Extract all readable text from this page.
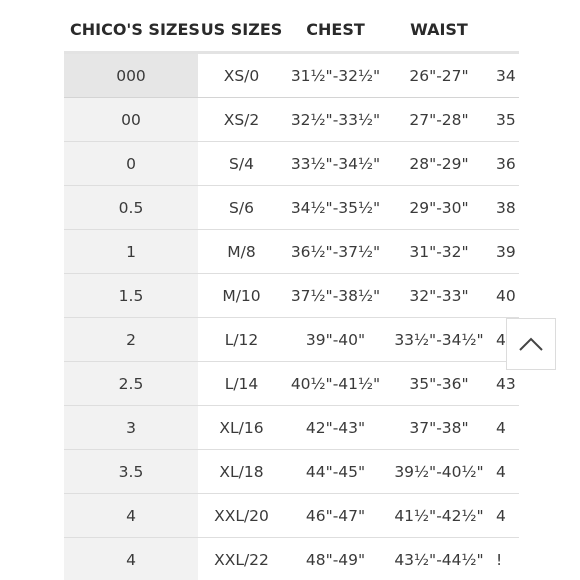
CHICO'S SIZES	US SIZES	CHEST	WAIST	
000	XS/0	31½"-32½"	26"-27"	34
00	XS/2	32½"-33½"	27"-28"	35
0	S/4	33½"-34½"	28"-29"	36
0.5	S/6	34½"-35½"	29"-30"	38
1	M/8	36½"-37½"	31"-32"	39
1.5	M/10	37½"-38½"	32"-33"	40
2	L/12	39"-40"	33½"-34½"	4
2.5	L/14	40½"-41½"	35"-36"	43
3	XL/16	42"-43"	37"-38"	4
3.5	XL/18	44"-45"	39½"-40½"	4
4	XXL/20	46"-47"	41½"-42½"	4
4	XXL/22	48"-49"	43½"-44½"	!
